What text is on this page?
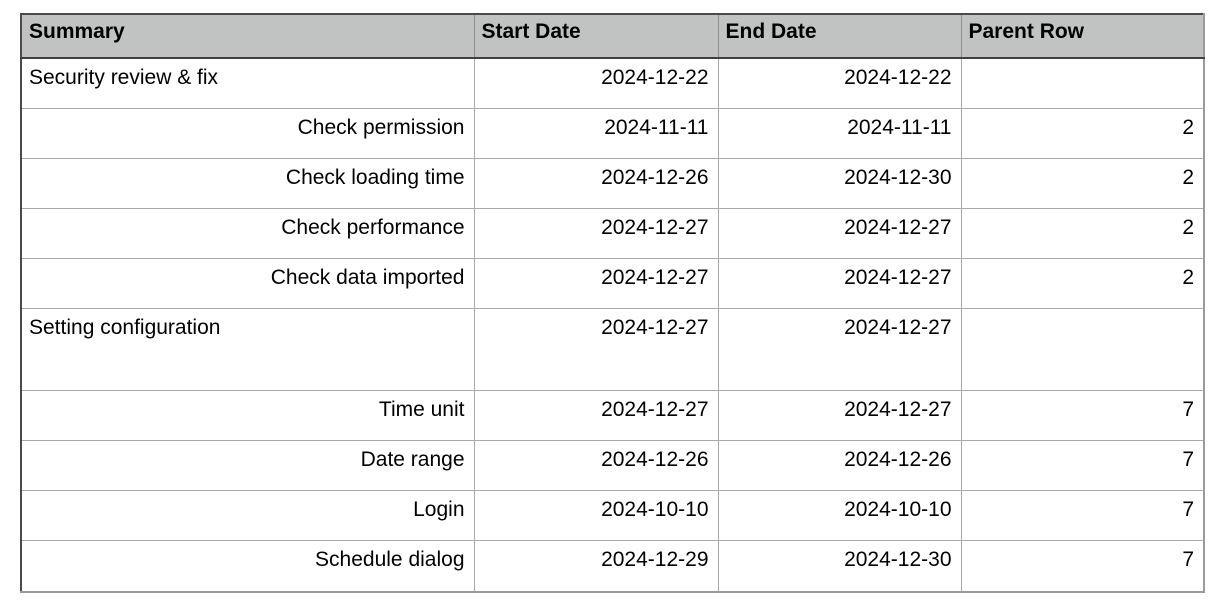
Summary	Start Date	End Date	Parent Row
Security review & fix	2024-12-22	2024-12-22	
Check permission	2024-11-11	2024-11-11	2
Check loading time	2024-12-26	2024-12-30	2
Check performance	2024-12-27	2024-12-27	2
Check data imported	2024-12-27	2024-12-27	2
Setting configuration	2024-12-27	2024-12-27	
Time unit	2024-12-27	2024-12-27	7
Date range	2024-12-26	2024-12-26	7
Login	2024-10-10	2024-10-10	7
Schedule dialog	2024-12-29	2024-12-30	7
